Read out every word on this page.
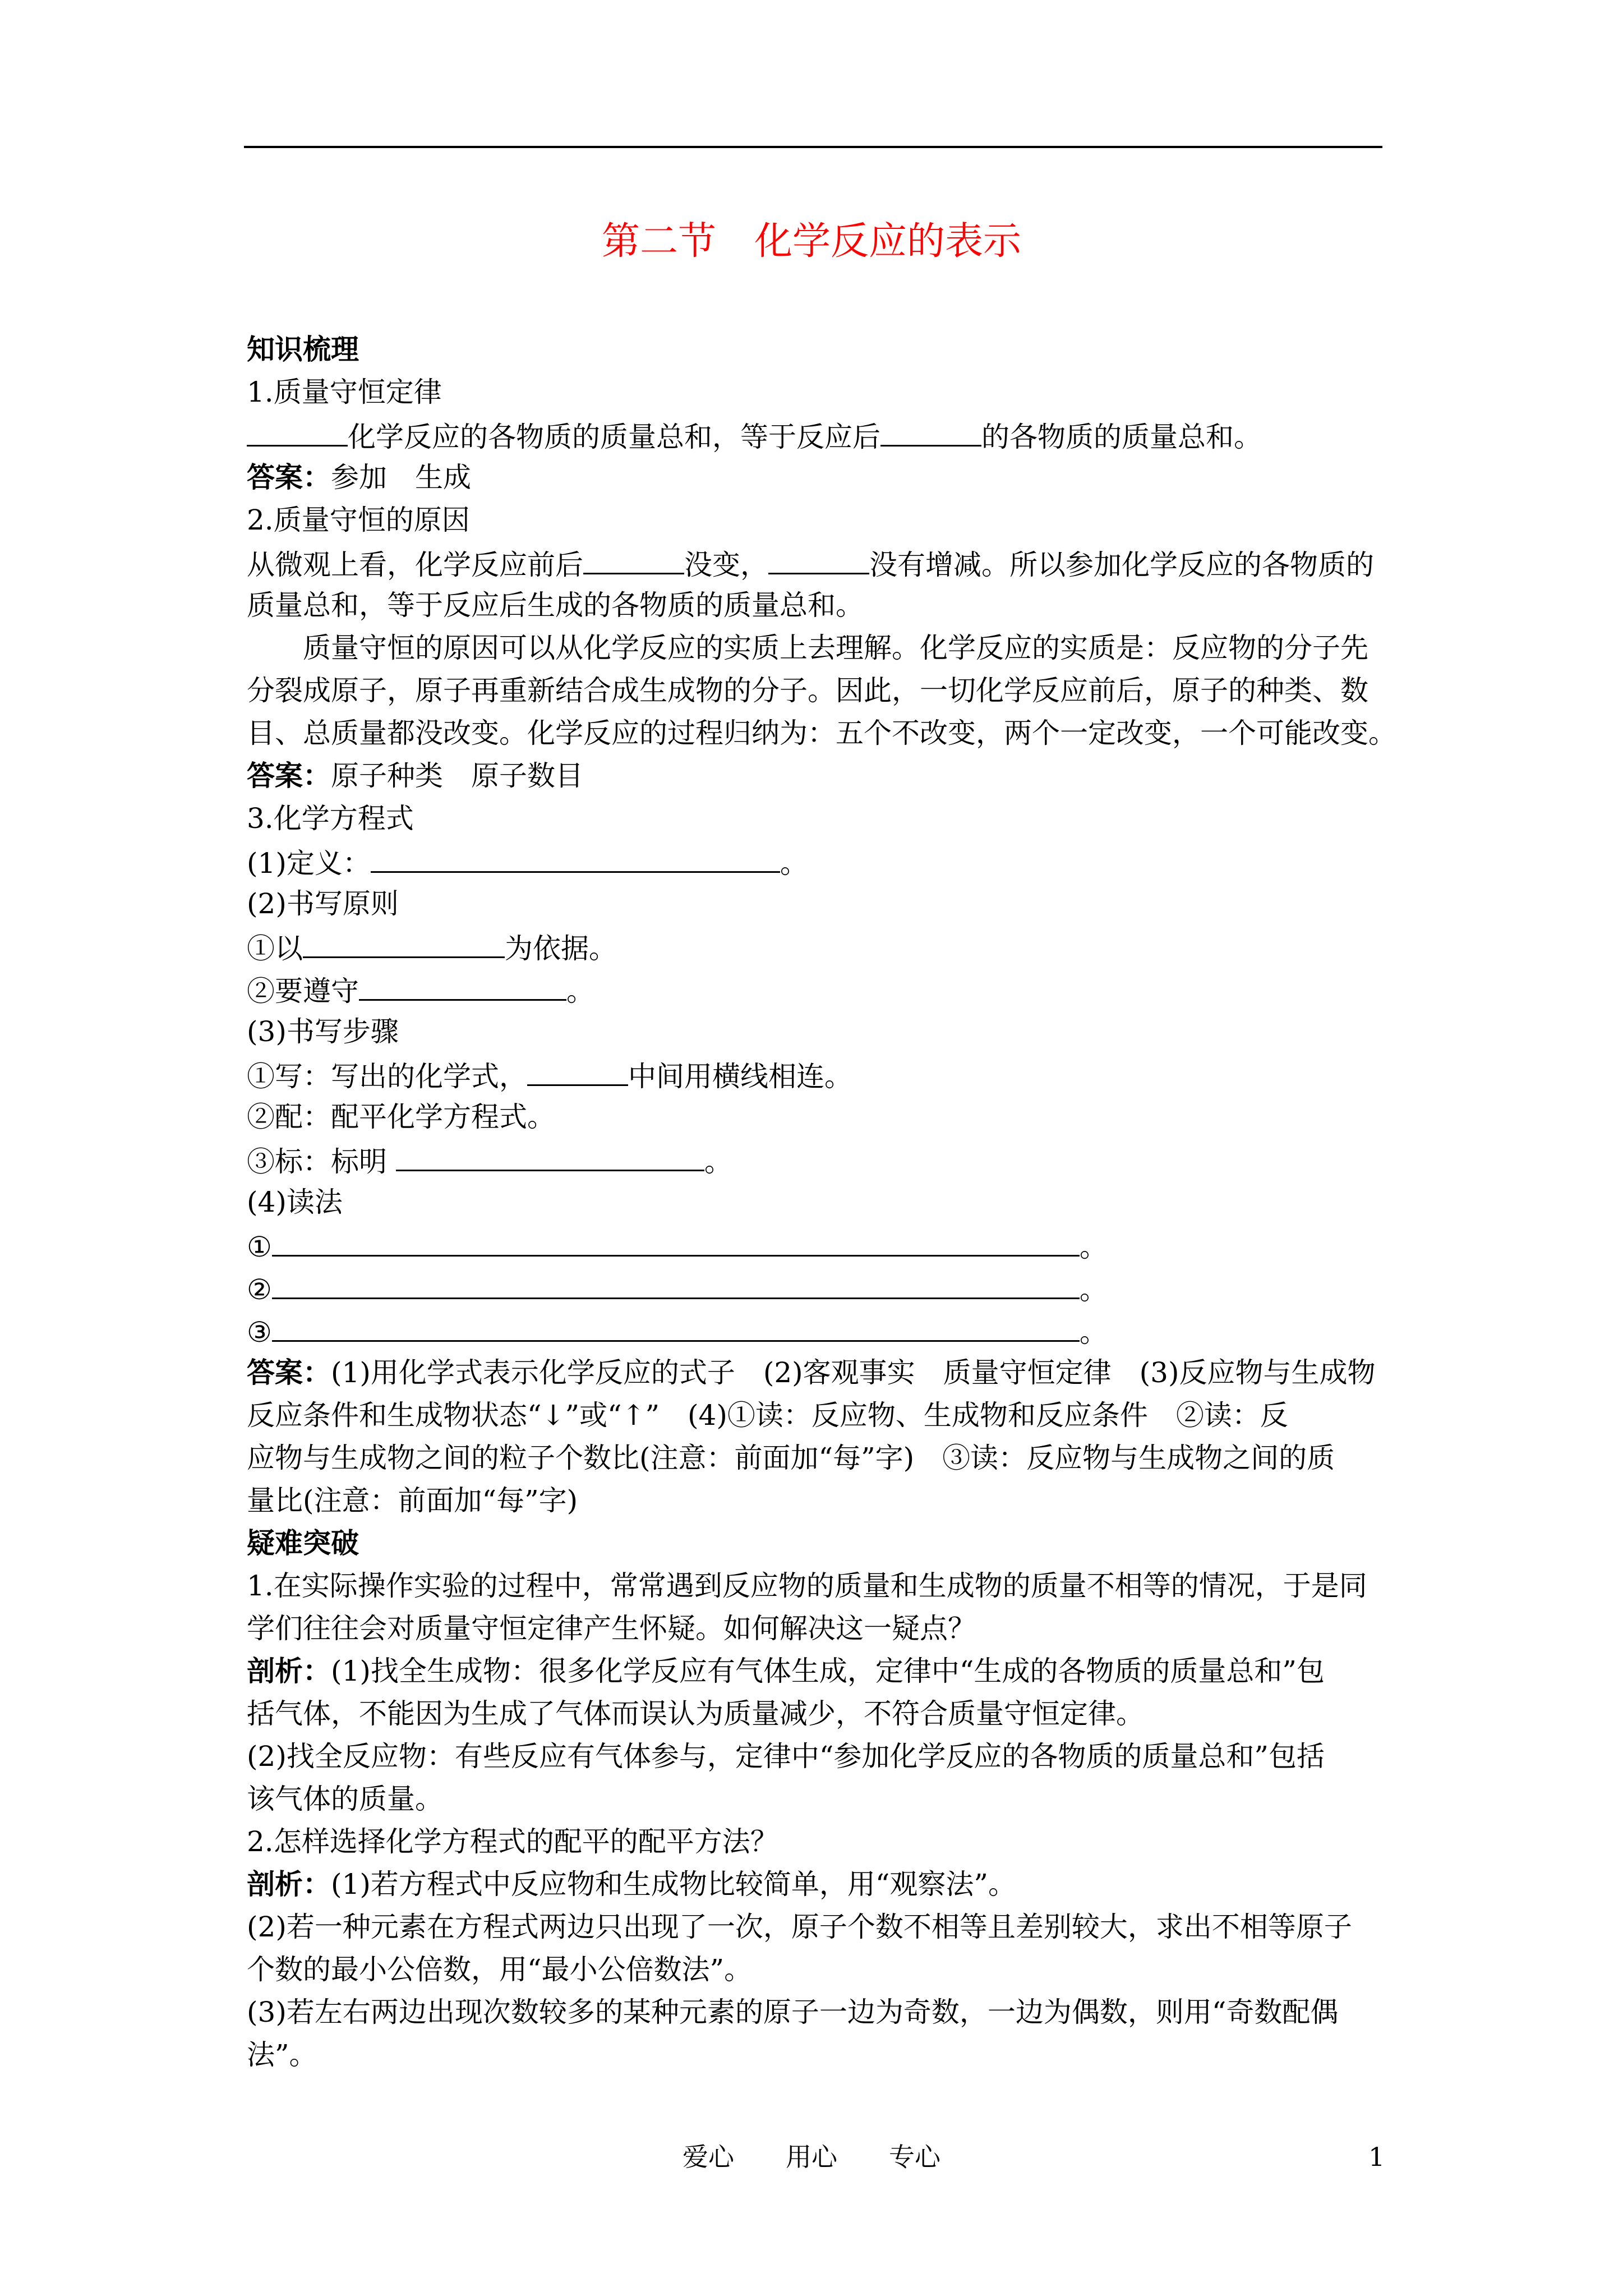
第二节　化学反应的表示
知识梳理
1.质量守恒定律
化学反应的各物质的质量总和，等于反应后	的各物质的质量总和。
答案：参加　生成
2.质量守恒的原因
从微观上看，化学反应前后	没变，	没有增减。所以参加化学反应的各物质的
质量总和，等于反应后生成的各物质的质量总和。
质量守恒的原因可以从化学反应的实质上去理解。化学反应的实质是：反应物的分子先
分裂成原子，原子再重新结合成生成物的分子。因此，一切化学反应前后，原子的种类、数
目、总质量都没改变。化学反应的过程归纳为：五个不改变，两个一定改变，一个可能改变。
答案：原子种类　原子数目
3.化学方程式
(1)定义：	。
(2)书写原则
①以	为依据。
②要遵守	。
(3)书写步骤
①写：写出的化学式，	中间用横线相连。
②配：配平化学方程式。
③标：标明	。
(4)读法
①	。
②	。
③	。
答案：(1)用化学式表示化学反应的式子　(2)客观事实　质量守恒定律　(3)反应物与生成物
反应条件和生成物状态“↓”或“↑”　(4)①读：反应物、生成物和反应条件　②读：反
应物与生成物之间的粒子个数比(注意：前面加“每”字)　③读：反应物与生成物之间的质
量比(注意：前面加“每”字)
疑难突破
1.在实际操作实验的过程中，常常遇到反应物的质量和生成物的质量不相等的情况，于是同
学们往往会对质量守恒定律产生怀疑。如何解决这一疑点？
剖析：(1)找全生成物：很多化学反应有气体生成，定律中“生成的各物质的质量总和”包
括气体，不能因为生成了气体而误认为质量减少，不符合质量守恒定律。
(2)找全反应物：有些反应有气体参与，定律中“参加化学反应的各物质的质量总和”包括
该气体的质量。
2.怎样选择化学方程式的配平的配平方法？
剖析：(1)若方程式中反应物和生成物比较简单，用“观察法”。
(2)若一种元素在方程式两边只出现了一次，原子个数不相等且差别较大，求出不相等原子
个数的最小公倍数，用“最小公倍数法”。
(3)若左右两边出现次数较多的某种元素的原子一边为奇数，一边为偶数，则用“奇数配偶
法”。
爱心　　用心　　专心	1
